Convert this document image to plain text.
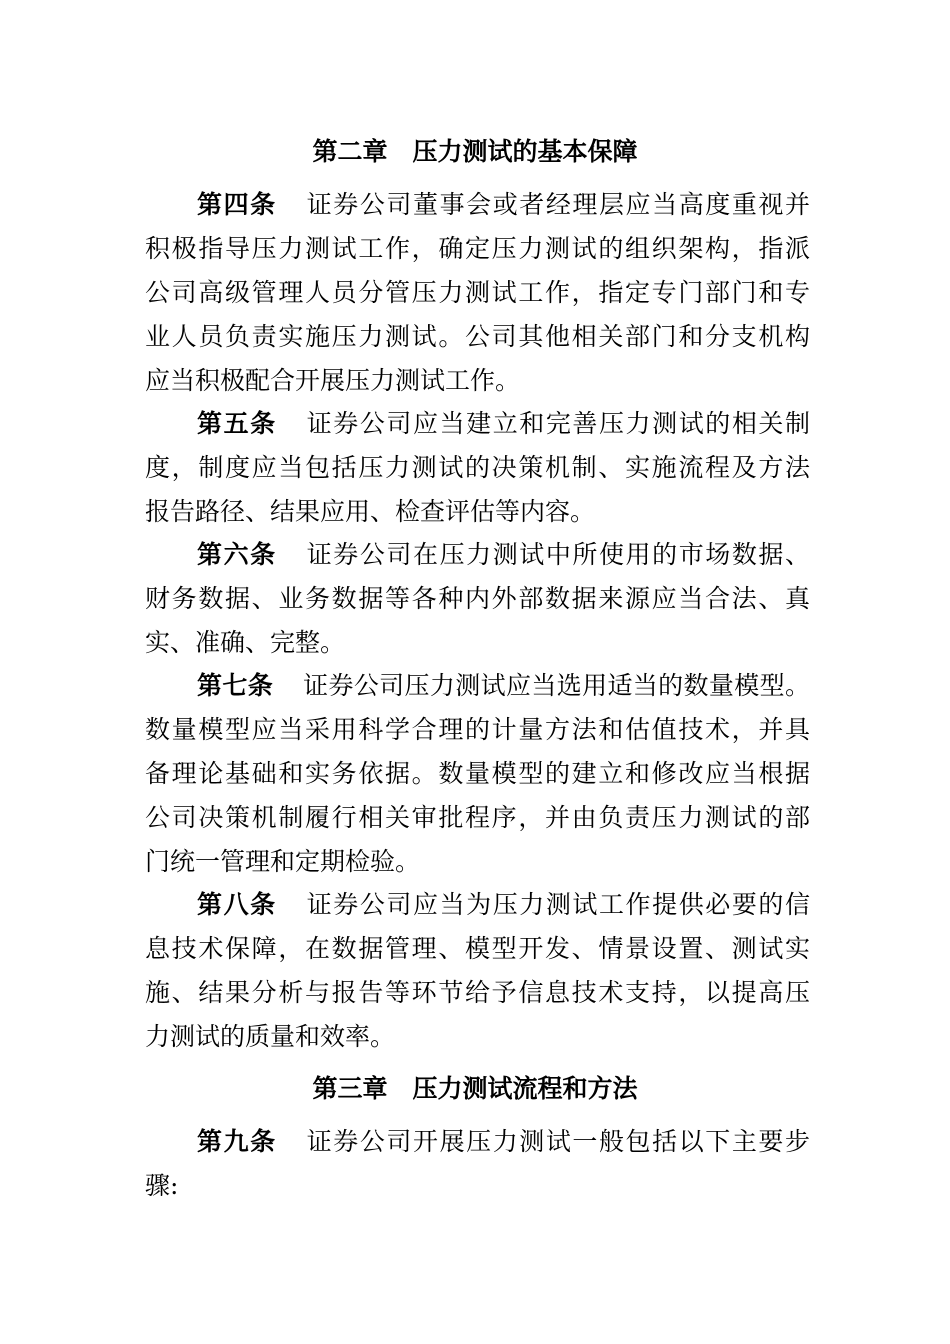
第二章　压力测试的基本保障
第四条 证券公司董事会或者经理层应当高度重视并
积极指导压力测试工作，确定压力测试的组织架构，指派
公司高级管理人员分管压力测试工作，指定专门部门和专
业人员负责实施压力测试。公司其他相关部门和分支机构
应当积极配合开展压力测试工作。
第五条 证券公司应当建立和完善压力测试的相关制
度，制度应当包括压力测试的决策机制、实施流程及方法
报告路径、结果应用、检查评估等内容。
第六条 证券公司在压力测试中所使用的市场数据、
财务数据、业务数据等各种内外部数据来源应当合法、真
实、准确、完整。
第七条 证券公司压力测试应当选用适当的数量模型。
数量模型应当采用科学合理的计量方法和估值技术，并具
备理论基础和实务依据。数量模型的建立和修改应当根据
公司决策机制履行相关审批程序，并由负责压力测试的部
门统一管理和定期检验。
第八条 证券公司应当为压力测试工作提供必要的信
息技术保障，在数据管理、模型开发、情景设置、测试实
施、结果分析与报告等环节给予信息技术支持，以提高压
力测试的质量和效率。
第三章　压力测试流程和方法
第九条 证券公司开展压力测试一般包括以下主要步
骤:
